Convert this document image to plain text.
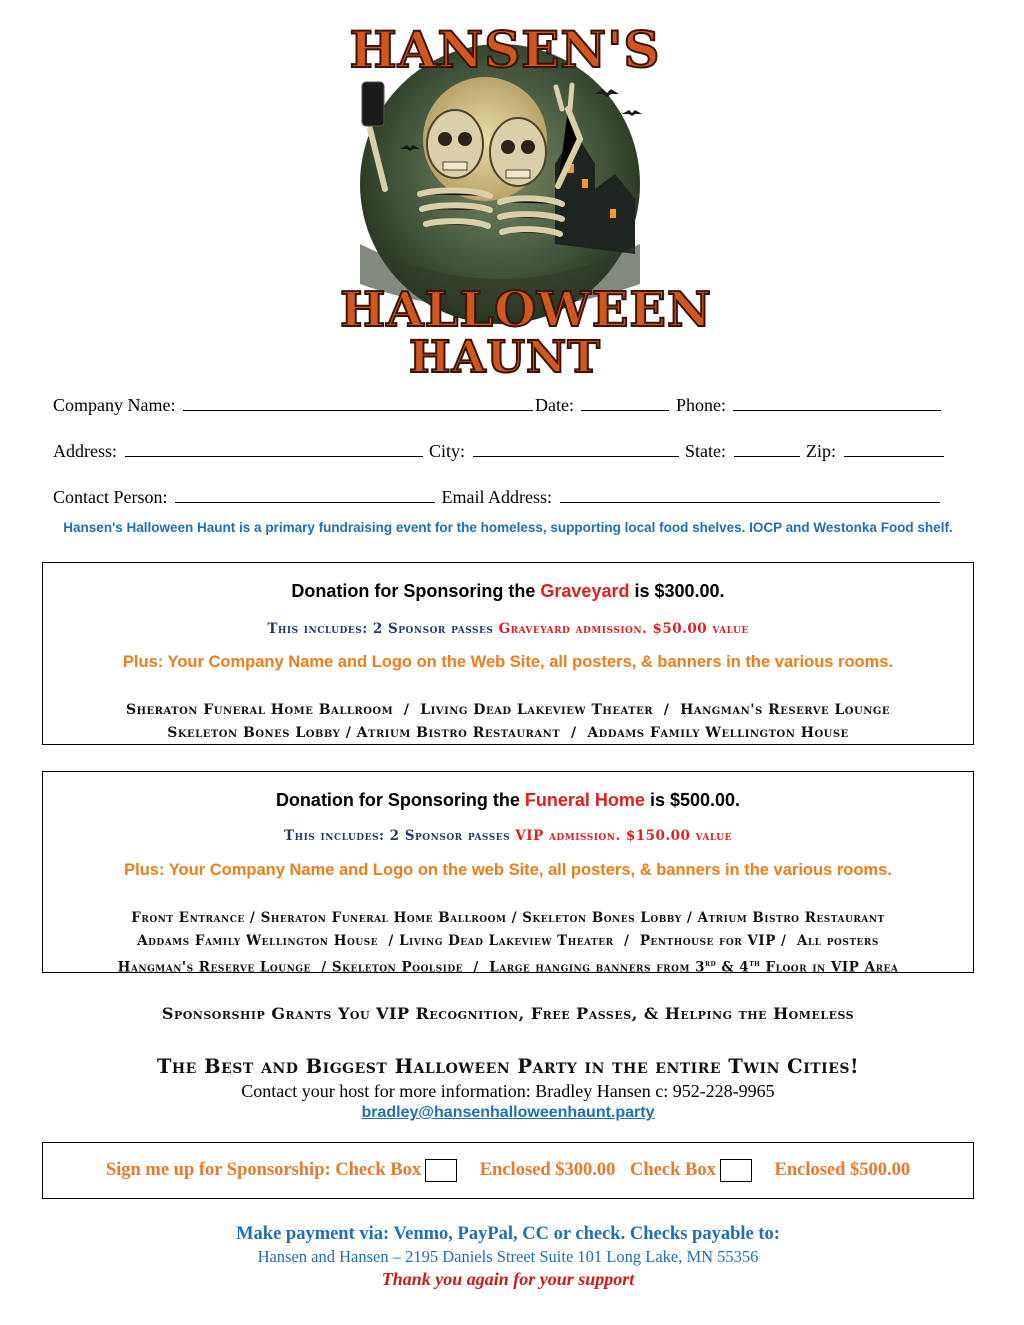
HANSEN'S
HALLOWEEN
HAUNT
Company Name:	Date:	Phone:
Address:	City:	State:	Zip:
Contact Person:	Email Address:
Hansen's Halloween Haunt is a primary fundraising event for the homeless, supporting local food shelves. IOCP and Westonka Food shelf.
Donation for Sponsoring the Graveyard is $300.00.
This includes: 2 Sponsor passes Graveyard admission. $50.00 value
Plus: Your Company Name and Logo on the Web Site, all posters, & banners in the various rooms.
Sheraton Funeral Home Ballroom  /  Living Dead Lakeview Theater  /  Hangman's Reserve Lounge
Skeleton Bones Lobby / Atrium Bistro Restaurant  /  Addams Family Wellington House
Donation for Sponsoring the Funeral Home is $500.00.
This includes: 2 Sponsor passes VIP admission. $150.00 value
Plus: Your Company Name and Logo on the web Site, all posters, & banners in the various rooms.
Front Entrance / Sheraton Funeral Home Ballroom / Skeleton Bones Lobby / Atrium Bistro Restaurant
Addams Family Wellington House  / Living Dead Lakeview Theater  /  Penthouse for VIP /  All posters
Hangman's Reserve Lounge  / Skeleton Poolside  /  Large hanging banners from 3rd & 4th Floor in VIP Area
Sponsorship Grants You VIP Recognition, Free Passes, & Helping the Homeless
The Best and Biggest Halloween Party in the entire Twin Cities!
Contact your host for more information: Bradley Hansen c: 952-228-9965
bradley@hansenhalloweenhaunt.party
Sign me up for Sponsorship: Check Box	Enclosed $300.00 Check Box	Enclosed $500.00
Make payment via: Venmo, PayPal, CC or check. Checks payable to:
Hansen and Hansen – 2195 Daniels Street Suite 101 Long Lake, MN 55356
Thank you again for your support
